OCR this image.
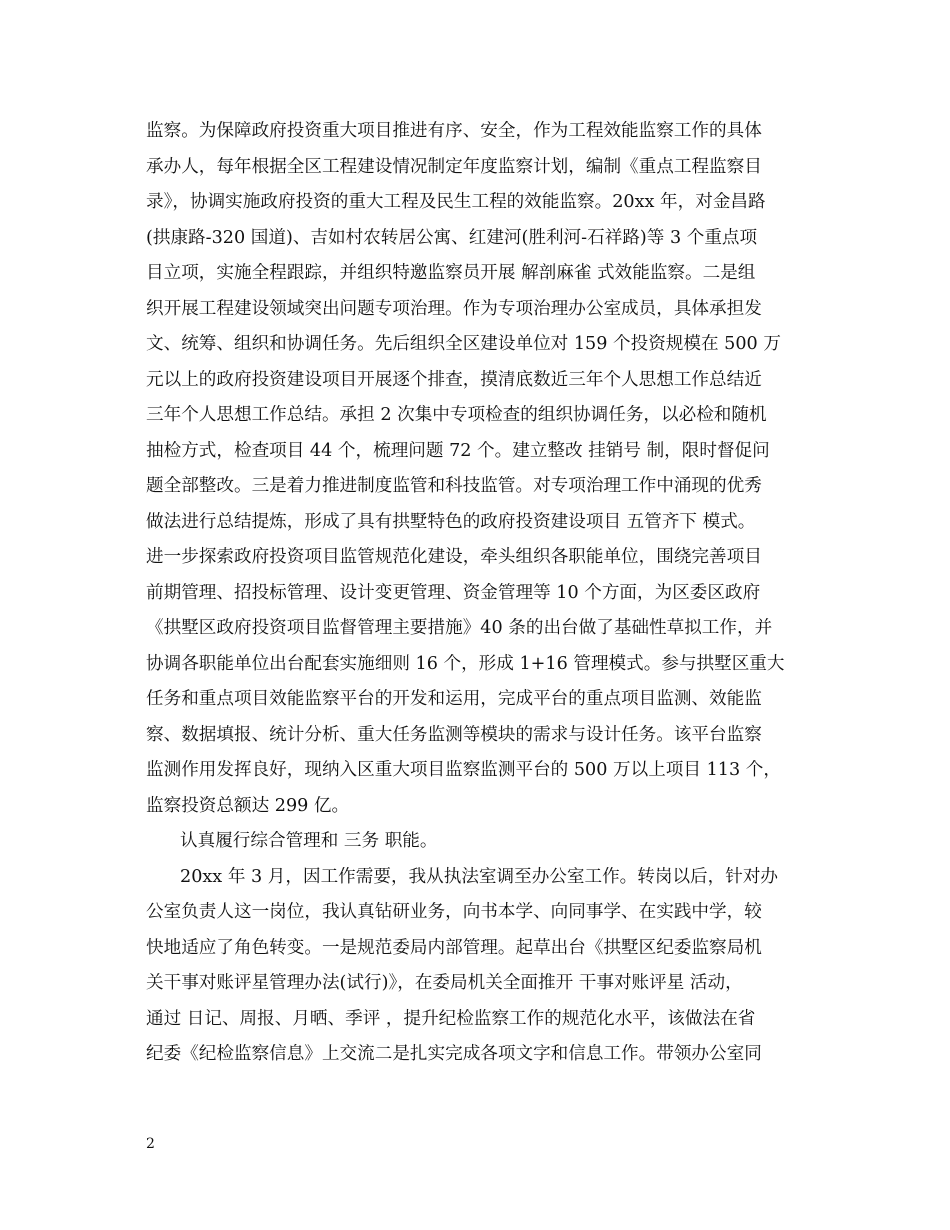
监察。为保障政府投资重大项目推进有序、安全，作为工程效能监察工作的具体
承办人，每年根据全区工程建设情况制定年度监察计划，编制《重点工程监察目
录》，协调实施政府投资的重大工程及民生工程的效能监察。20xx 年，对金昌路
(拱康路-320 国道)、吉如村农转居公寓、红建河(胜利河-石祥路)等 3 个重点项
目立项，实施全程跟踪，并组织特邀监察员开展 解剖麻雀 式效能监察。二是组
织开展工程建设领域突出问题专项治理。作为专项治理办公室成员，具体承担发
文、统筹、组织和协调任务。先后组织全区建设单位对 159 个投资规模在 500 万
元以上的政府投资建设项目开展逐个排查，摸清底数近三年个人思想工作总结近
三年个人思想工作总结。承担 2 次集中专项检查的组织协调任务，以必检和随机
抽检方式，检查项目 44 个，梳理问题 72 个。建立整改 挂销号 制，限时督促问
题全部整改。三是着力推进制度监管和科技监管。对专项治理工作中涌现的优秀
做法进行总结提炼，形成了具有拱墅特色的政府投资建设项目 五管齐下 模式。
进一步探索政府投资项目监管规范化建设，牵头组织各职能单位，围绕完善项目
前期管理、招投标管理、设计变更管理、资金管理等 10 个方面，为区委区政府
《拱墅区政府投资项目监督管理主要措施》40 条的出台做了基础性草拟工作，并
协调各职能单位出台配套实施细则 16 个，形成 1+16 管理模式。参与拱墅区重大
任务和重点项目效能监察平台的开发和运用，完成平台的重点项目监测、效能监
察、数据填报、统计分析、重大任务监测等模块的需求与设计任务。该平台监察
监测作用发挥良好，现纳入区重大项目监察监测平台的 500 万以上项目 113 个，
监察投资总额达 299 亿。
认真履行综合管理和 三务 职能。
20xx 年 3 月，因工作需要，我从执法室调至办公室工作。转岗以后，针对办
公室负责人这一岗位，我认真钻研业务，向书本学、向同事学、在实践中学，较
快地适应了角色转变。一是规范委局内部管理。起草出台《拱墅区纪委监察局机
关干事对账评星管理办法(试行)》，在委局机关全面推开 干事对账评星 活动，
通过 日记、周报、月晒、季评 ，提升纪检监察工作的规范化水平，该做法在省
纪委《纪检监察信息》上交流二是扎实完成各项文字和信息工作。带领办公室同
2
